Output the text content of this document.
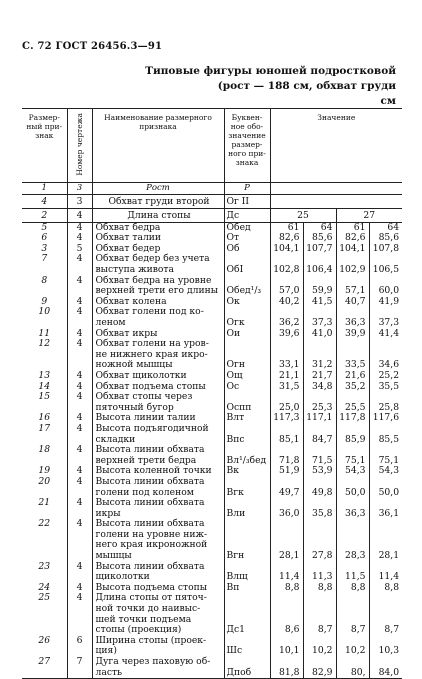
С. 72 ГОСТ 26456.3—91
Типовые фигуры юношей подростковой
(рост — 188 см, обхват груди
см
Размер-ный при-знак	Номер чертежа	Наименование размерного признака	Буквен-ное обо-значение размер-ного при-знака	Значение			
1	3	Рост	Р				
4	3	Обхват груди второй	Ог II				
2	4	Длина стопы	Дс	25		27	
5	4	Обхват бедра	Обед	61	64	61	64
6	4	Обхват талии	От	82,6	85,6	82,6	85,6
3	5	Обхват бедер	Об	104,1	107,7	104,1	107,8
7	4	Обхват бедер без учета
выступа живота	ОбI	102,8	106,4	102,9	106,5
8	4	Обхват бедра на уровне
верхней трети его длины	Обед¹/₃	57,0	59,9	57,1	60,0
9	4	Обхват колена	Ок	40,2	41,5	40,7	41,9
10	4	Обхват голени под ко-
леном	Огк	36,2	37,3	36,3	37,3
11	4	Обхват икры	Ои	39,6	41,0	39,9	41,4
12	4	Обхват голени на уров-
не нижнего края икро-
ножной мышцы	Огн	33,1	31,2	33,5	34,6
13	4	Обхват щиколотки	Ощ	21,1	21,7	21,6	25,2
14	4	Обхват подъема стопы	Ос	31,5	34,8	35,2	35,5
15	4	Обхват стопы через
пяточный бугор	Оспп	25,0	25,3	25,5	25,8
16	4	Высота линии талии	Влт	117,3	117,1	117,8	117,6
17	4	Высота подъягодичной
складки	Впс	85,1	84,7	85,9	85,5
18	4	Высота линии обхвата
верхней трети бедра	Вл¹/₃бед	71,8	71,5	75,1	75,1
19	4	Высота коленной точки	Вк	51,9	53,9	54,3	54,3
20	4	Высота линии обхвата
голени под коленом	Вгк	49,7	49,8	50,0	50,0
21	4	Высота линии обхвата
икры	Вли	36,0	35,8	36,3	36,1
22	4	Высота линии обхвата
голени на уровне ниж-
него края икроножной
мышцы	Вгн	28,1	27,8	28,3	28,1
23	4	Высота линии обхвата
щиколотки	Влщ	11,4	11,3	11,5	11,4
24	4	Высота подъема стопы	Вп	8,8	8,8	8,8	8,8
25	4	Длина стопы от пяточ-
ной точки до наивыс-
шей точки подъема
стопы (проекция)	Дс1	8,6	8,7	8,7	8,7
26	6	Ширина стопы (проек-
ция)	Шс	10,1	10,2	10,2	10,3
27	7	Дуга через паховую об-
ласть	Дпоб	81,8	82,9	80,	84,0
